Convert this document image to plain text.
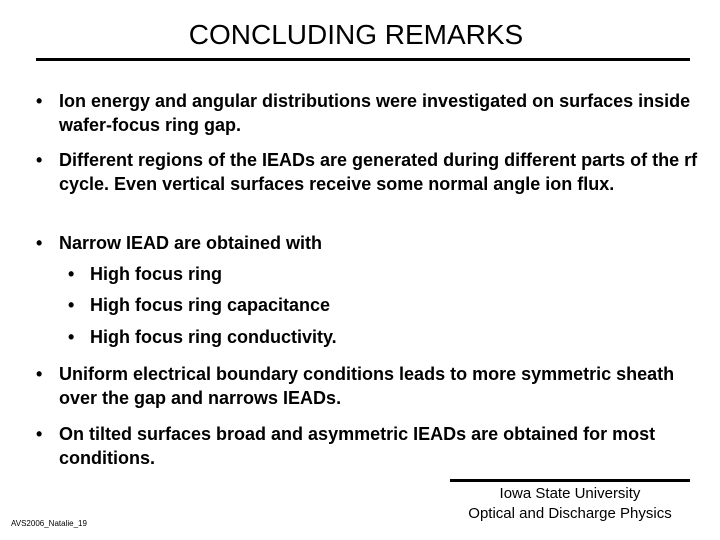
CONCLUDING REMARKS
• Ion energy and angular distributions were investigated on surfaces inside wafer-focus ring gap.
• Different regions of the IEADs are generated during different parts of the rf cycle. Even vertical surfaces receive some normal angle ion flux.
• Narrow IEAD are obtained with
• High focus ring
• High focus ring capacitance
• High focus ring conductivity.
• Uniform electrical boundary conditions leads to more symmetric sheath over the gap and narrows IEADs.
• On tilted surfaces broad and asymmetric IEADs are obtained for most conditions.
Iowa State University
Optical and Discharge Physics
AVS2006_Natalie_19
